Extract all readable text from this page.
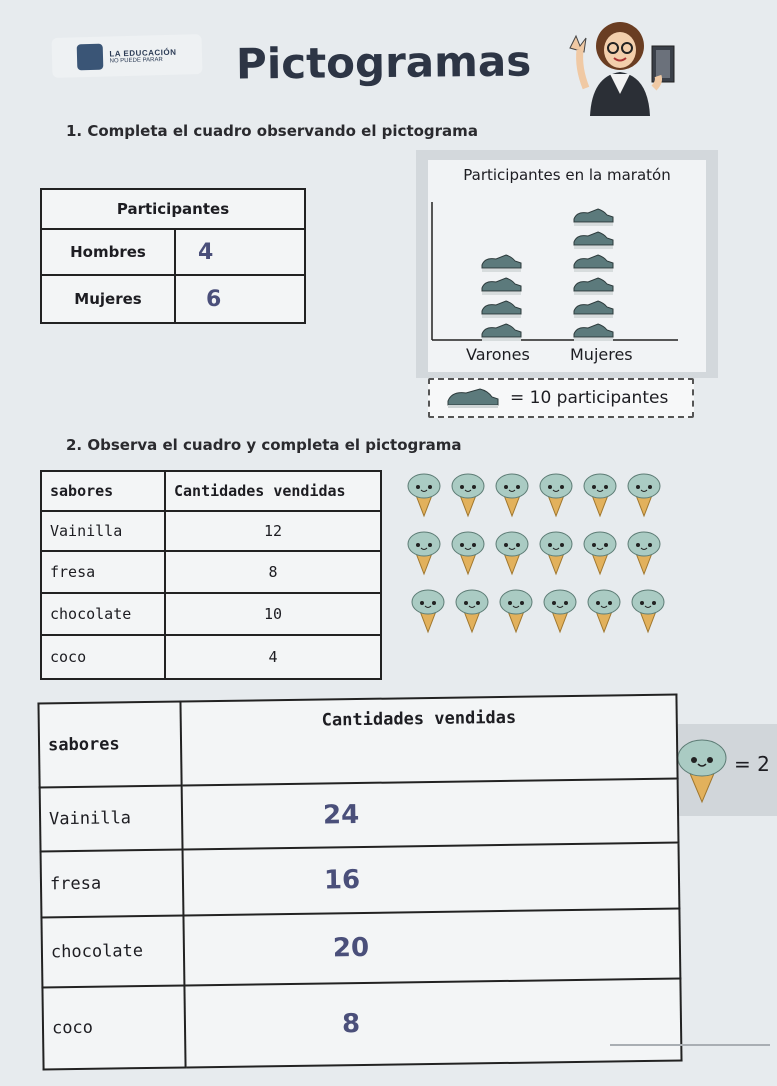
LA EDUCACIÓN
NO PUEDE PARAR	Pictogramas
1. Completa el cuadro observando el pictograma
Participantes	
Hombres	4
Mujeres	6
Participantes en la maratón
Varones	Mujeres
= 10 participantes
2. Observa el cuadro y completa el pictograma
sabores	Cantidades vendidas
Vainilla	12
fresa	8
chocolate	10
coco	4
= 2
sabores	Cantidades vendidas
Vainilla	24
fresa	16
chocolate	20
coco	8
